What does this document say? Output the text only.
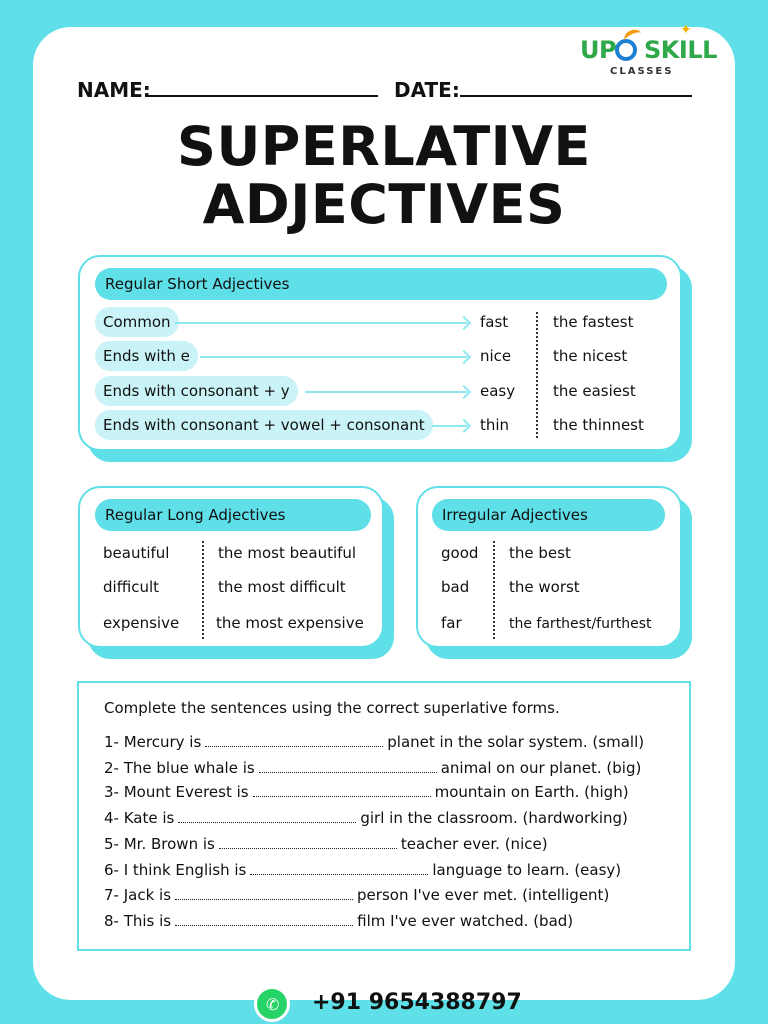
UP SKILL
✦
CLASSES
NAME:	DATE:
SUPERLATIVE
ADJECTIVES
Regular Short Adjectives
Common	fast	the fastest
Ends with e	nice	the nicest
Ends with consonant + y	easy	the easiest
Ends with consonant + vowel + consonant	thin	the thinnest
Regular Long Adjectives
beautiful	the most beautiful
difficult	the most difficult
expensive the most expensive
Irregular Adjectives
good the best
bad	the worst
far	the farthest/furthest
Complete the sentences using the correct superlative forms.
1- Mercury is	planet in the solar system. (small)
2- The blue whale is	animal on our planet. (big)
3- Mount Everest is	mountain on Earth. (high)
4- Kate is	girl in the classroom. (hardworking)
5- Mr. Brown is	teacher ever. (nice)
6- I think English is	language to learn. (easy)
7- Jack is	person I've ever met. (intelligent)
8- This is	film I've ever watched. (bad)
✆ +91 9654388797
